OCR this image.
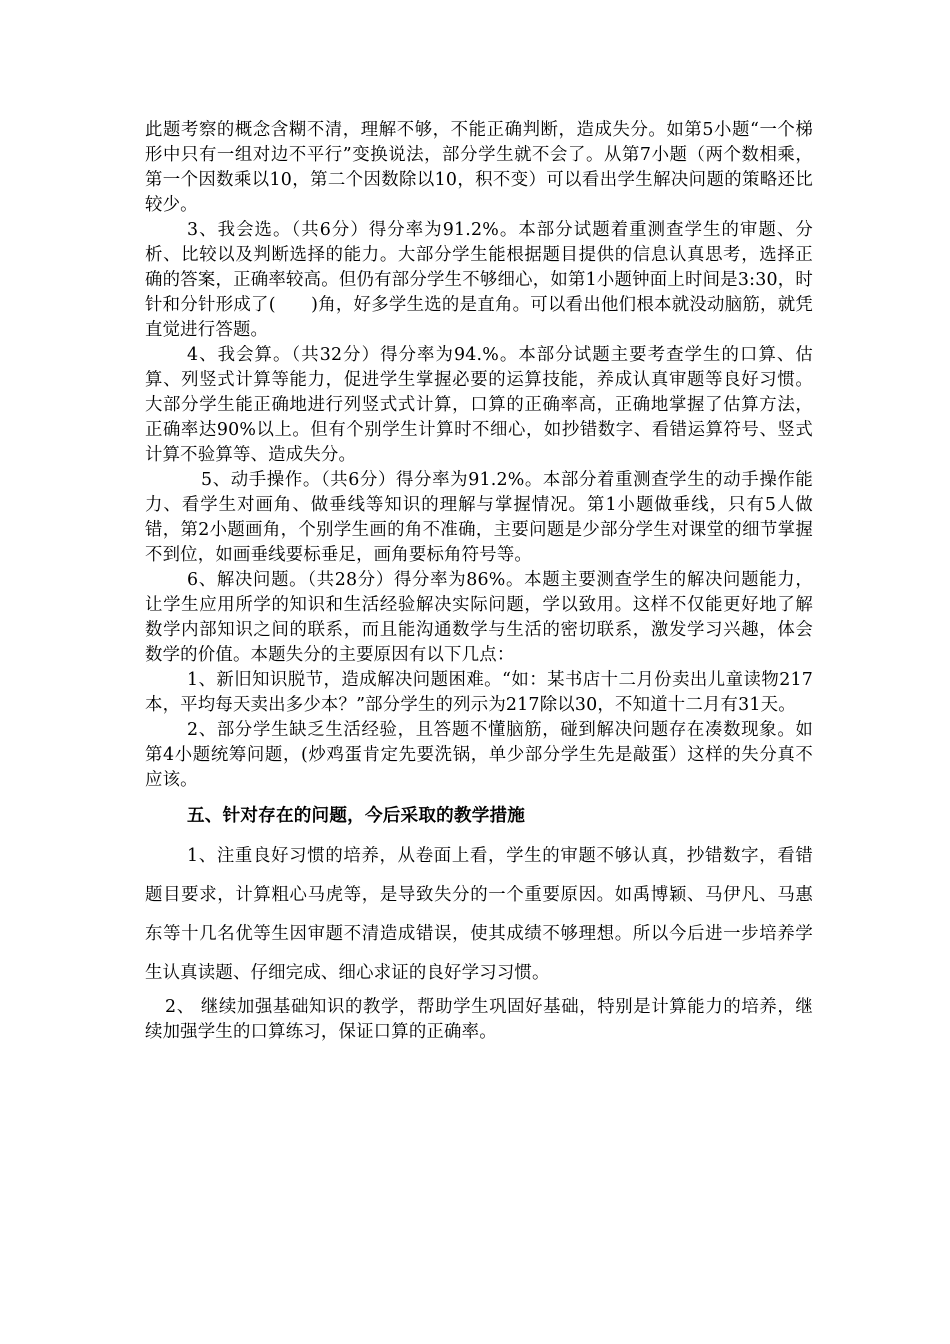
此题考察的概念含糊不清，理解不够，不能正确判断，造成失分。如第5小题“一个梯形中只有一组对边不平行”变换说法，部分学生就不会了。从第7小题（两个数相乘，第一个因数乘以10，第二个因数除以10，积不变）可以看出学生解决问题的策略还比较少。

3、我会选。（共6分）得分率为91.2%。本部分试题着重测查学生的审题、分析、比较以及判断选择的能力。大部分学生能根据题目提供的信息认真思考，选择正确的答案，正确率较高。但仍有部分学生不够细心，如第1小题钟面上时间是3:30，时针和分针形成了(　　)角，好多学生选的是直角。可以看出他们根本就没动脑筋，就凭直觉进行答题。

4、我会算。（共32分）得分率为94.%。本部分试题主要考查学生的口算、估算、列竖式计算等能力，促进学生掌握必要的运算技能，养成认真审题等良好习惯。大部分学生能正确地进行列竖式式计算，口算的正确率高，正确地掌握了估算方法，正确率达90%以上。但有个别学生计算时不细心，如抄错数字、看错运算符号、竖式计算不验算等、造成失分。

5、动手操作。（共6分）得分率为91.2%。本部分着重测查学生的动手操作能力、看学生对画角、做垂线等知识的理解与掌握情况。第1小题做垂线，只有5人做错，第2小题画角，个别学生画的角不准确，主要问题是少部分学生对课堂的细节掌握不到位，如画垂线要标垂足，画角要标角符号等。

6、解决问题。（共28分）得分率为86%。本题主要测查学生的解决问题能力，让学生应用所学的知识和生活经验解决实际问题，学以致用。这样不仅能更好地了解数学内部知识之间的联系，而且能沟通数学与生活的密切联系，激发学习兴趣，体会数学的价值。本题失分的主要原因有以下几点：

1、新旧知识脱节，造成解决问题困难。“如：某书店十二月份卖出儿童读物217本，平均每天卖出多少本？”部分学生的列示为217除以30，不知道十二月有31天。

2、部分学生缺乏生活经验，且答题不懂脑筋，碰到解决问题存在凑数现象。如第4小题统筹问题，(炒鸡蛋肯定先要洗锅，单少部分学生先是敲蛋）这样的失分真不应该。

五、针对存在的问题，今后采取的教学措施

1、注重良好习惯的培养，从卷面上看，学生的审题不够认真，抄错数字，看错题目要求，计算粗心马虎等，是导致失分的一个重要原因。如禹博颖、马伊凡、马惠东等十几名优等生因审题不清造成错误，使其成绩不够理想。所以今后进一步培养学生认真读题、仔细完成、细心求证的良好学习习惯。

2、 继续加强基础知识的教学，帮助学生巩固好基础，特别是计算能力的培养，继续加强学生的口算练习，保证口算的正确率。
